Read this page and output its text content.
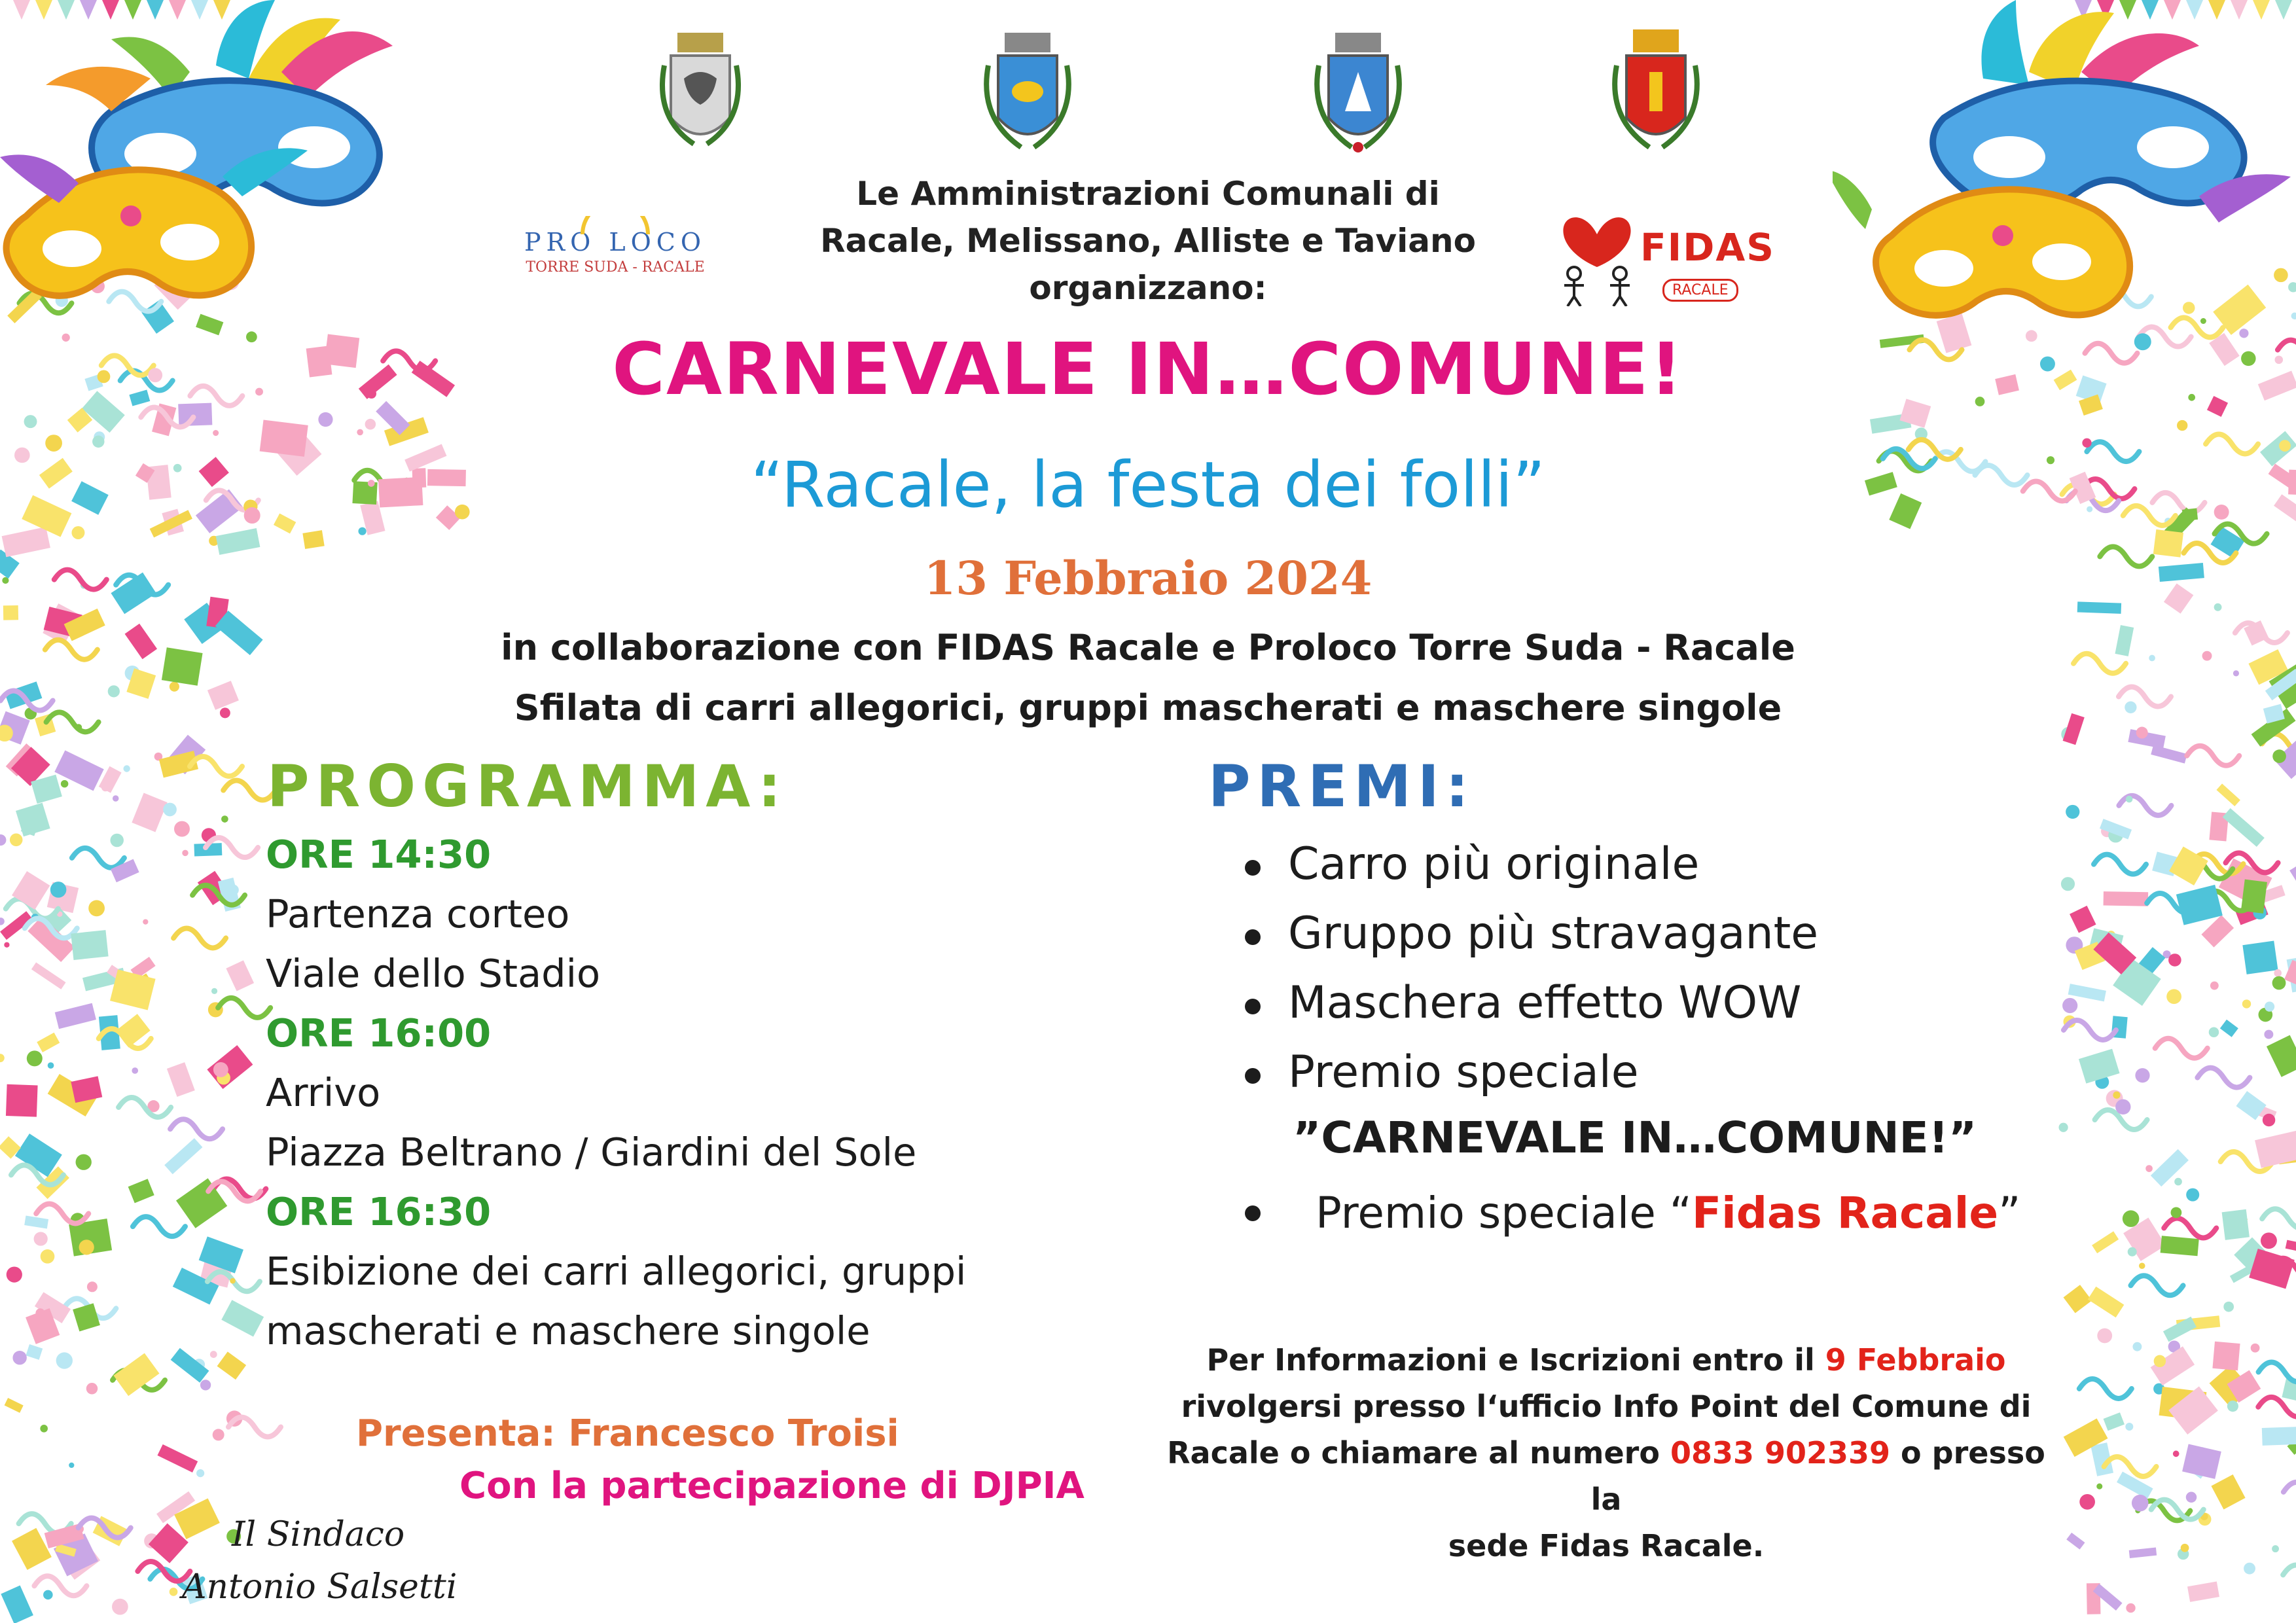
PRO LOCO
TORRE SUDA - RACALE	FIDAS
RACALE
Le Amministrazioni Comunali di
Racale, Melissano, Alliste e Taviano
organizzano:
CARNEVALE IN…COMUNE!
“Racale, la festa dei folli”
13 Febbraio 2024
in collaborazione con FIDAS Racale e Proloco Torre Suda - Racale
Sfilata di carri allegorici, gruppi mascherati e maschere singole
PROGRAMMA:
ORE 14:30
Partenza corteo
Viale dello Stadio
ORE 16:00
Arrivo
Piazza Beltrano / Giardini del Sole
ORE 16:30
Esibizione dei carri allegorici, gruppi
mascherati e maschere singole
PREMI:
Carro più originale
Gruppo più stravagante
Maschera effetto WOW
Premio speciale
”CARNEVALE IN…COMUNE!”
Premio speciale “Fidas Racale”
Presenta: Francesco Troisi
Con la partecipazione di DJPIA
Il Sindaco
Antonio Salsetti
Per Informazioni e Iscrizioni entro il 9 Febbraio
rivolgersi presso l‘ufficio Info Point del Comune di
Racale o chiamare al numero 0833 902339 o presso la
sede Fidas Racale.
